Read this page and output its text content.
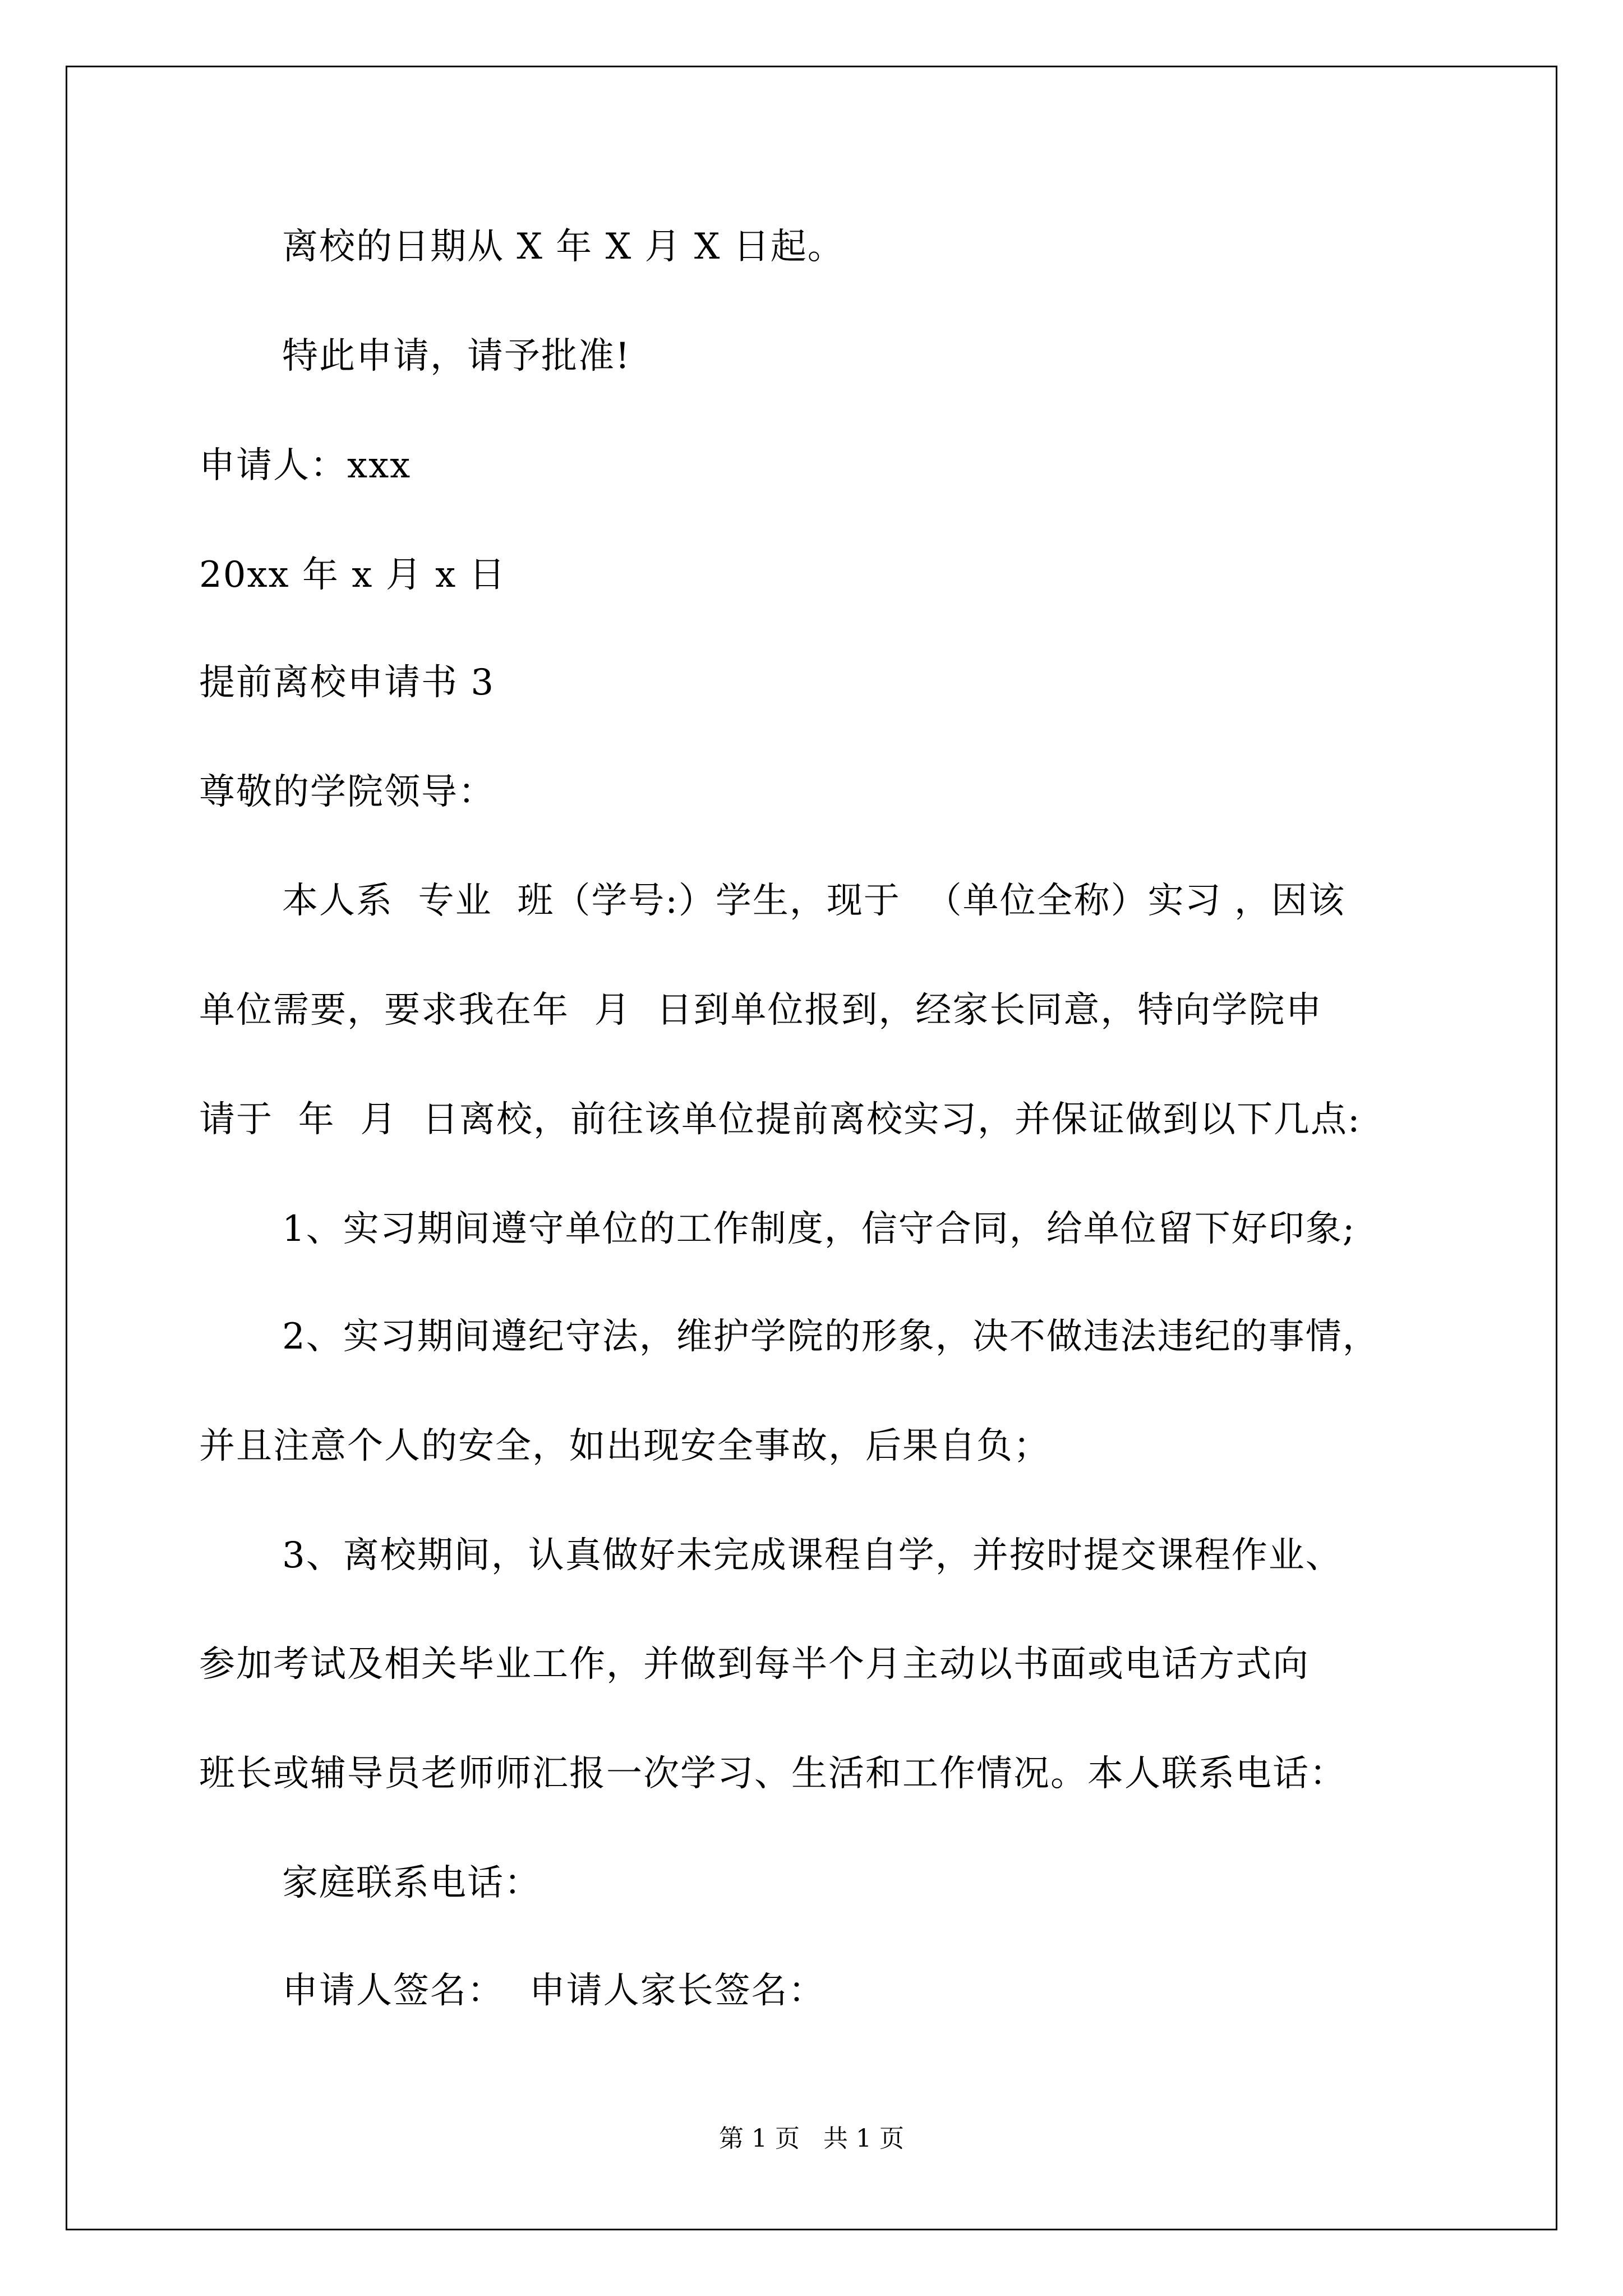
离校的日期从 X 年 X 月 X 日起。
特此申请，请予批准!
申请人：xxx
20xx 年 x 月 x 日
提前离校申请书 3
尊敬的学院领导：
本人系  专业  班（学号:）学生，现于  （单位全称）实习 ，因该
单位需要，要求我在年  月  日到单位报到，经家长同意，特向学院申
请于  年  月  日离校，前往该单位提前离校实习，并保证做到以下几点:
1、实习期间遵守单位的工作制度，信守合同，给单位留下好印象;
2、实习期间遵纪守法，维护学院的形象，决不做违法违纪的事情，
并且注意个人的安全，如出现安全事故，后果自负；
3、离校期间，认真做好未完成课程自学，并按时提交课程作业、
参加考试及相关毕业工作，并做到每半个月主动以书面或电话方式向
班长或辅导员老师师汇报一次学习、生活和工作情况。本人联系电话：
家庭联系电话：
申请人签名：  申请人家长签名：
第 1 页   共 1 页
